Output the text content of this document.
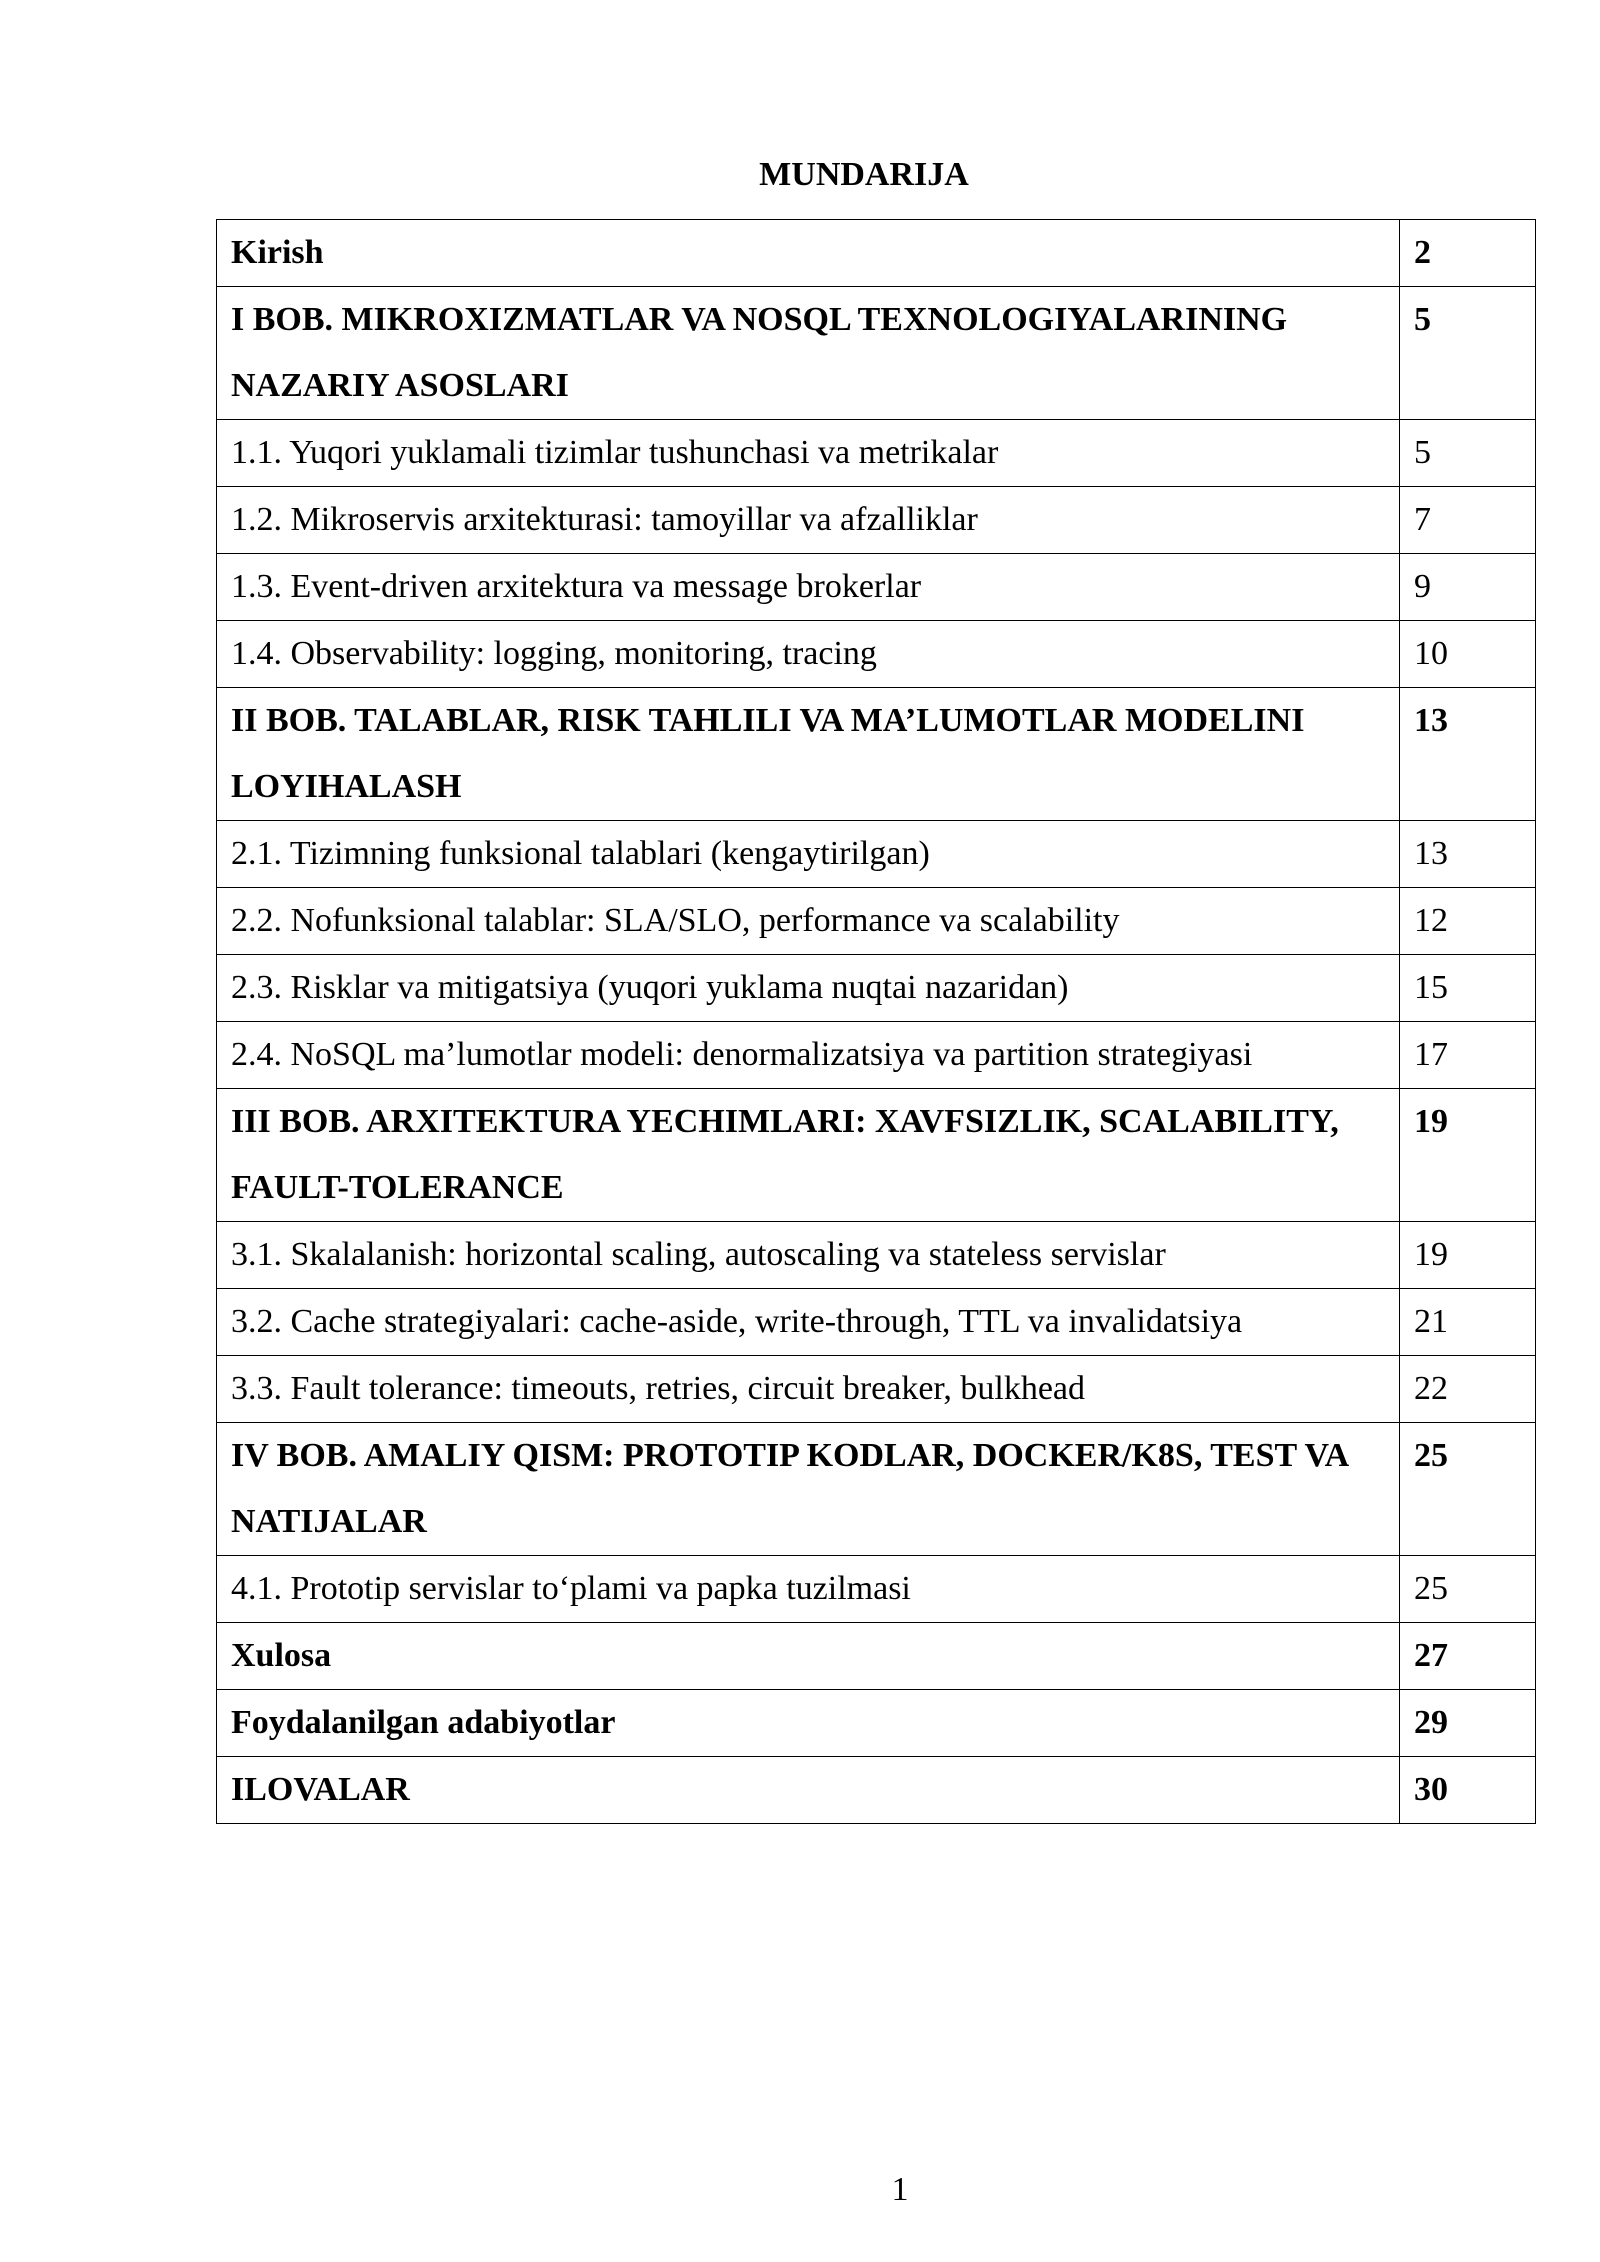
MUNDARIJA
Kirish	2
I BOB. MIKROXIZMATLAR VA NOSQL TEXNOLOGIYALARINING NAZARIY ASOSLARI	5
1.1. Yuqori yuklamali tizimlar tushunchasi va metrikalar	5
1.2. Mikroservis arxitekturasi: tamoyillar va afzalliklar	7
1.3. Event-driven arxitektura va message brokerlar	9
1.4. Observability: logging, monitoring, tracing	10
II BOB. TALABLAR, RISK TAHLILI VA MA’LUMOTLAR MODELINI LOYIHALASH	13
2.1. Tizimning funksional talablari (kengaytirilgan)	13
2.2. Nofunksional talablar: SLA/SLO, performance va scalability	12
2.3. Risklar va mitigatsiya (yuqori yuklama nuqtai nazaridan)	15
2.4. NoSQL ma’lumotlar modeli: denormalizatsiya va partition strategiyasi	17
III BOB. ARXITEKTURA YECHIMLARI: XAVFSIZLIK, SCALABILITY, FAULT-TOLERANCE	19
3.1. Skalalanish: horizontal scaling, autoscaling va stateless servislar	19
3.2. Cache strategiyalari: cache-aside, write-through, TTL va invalidatsiya	21
3.3. Fault tolerance: timeouts, retries, circuit breaker, bulkhead	22
IV BOB. AMALIY QISM: PROTOTIP KODLAR, DOCKER/K8S, TEST VA NATIJALAR	25
4.1. Prototip servislar to‘plami va papka tuzilmasi	25
Xulosa	27
Foydalanilgan adabiyotlar	29
ILOVALAR	30
1
